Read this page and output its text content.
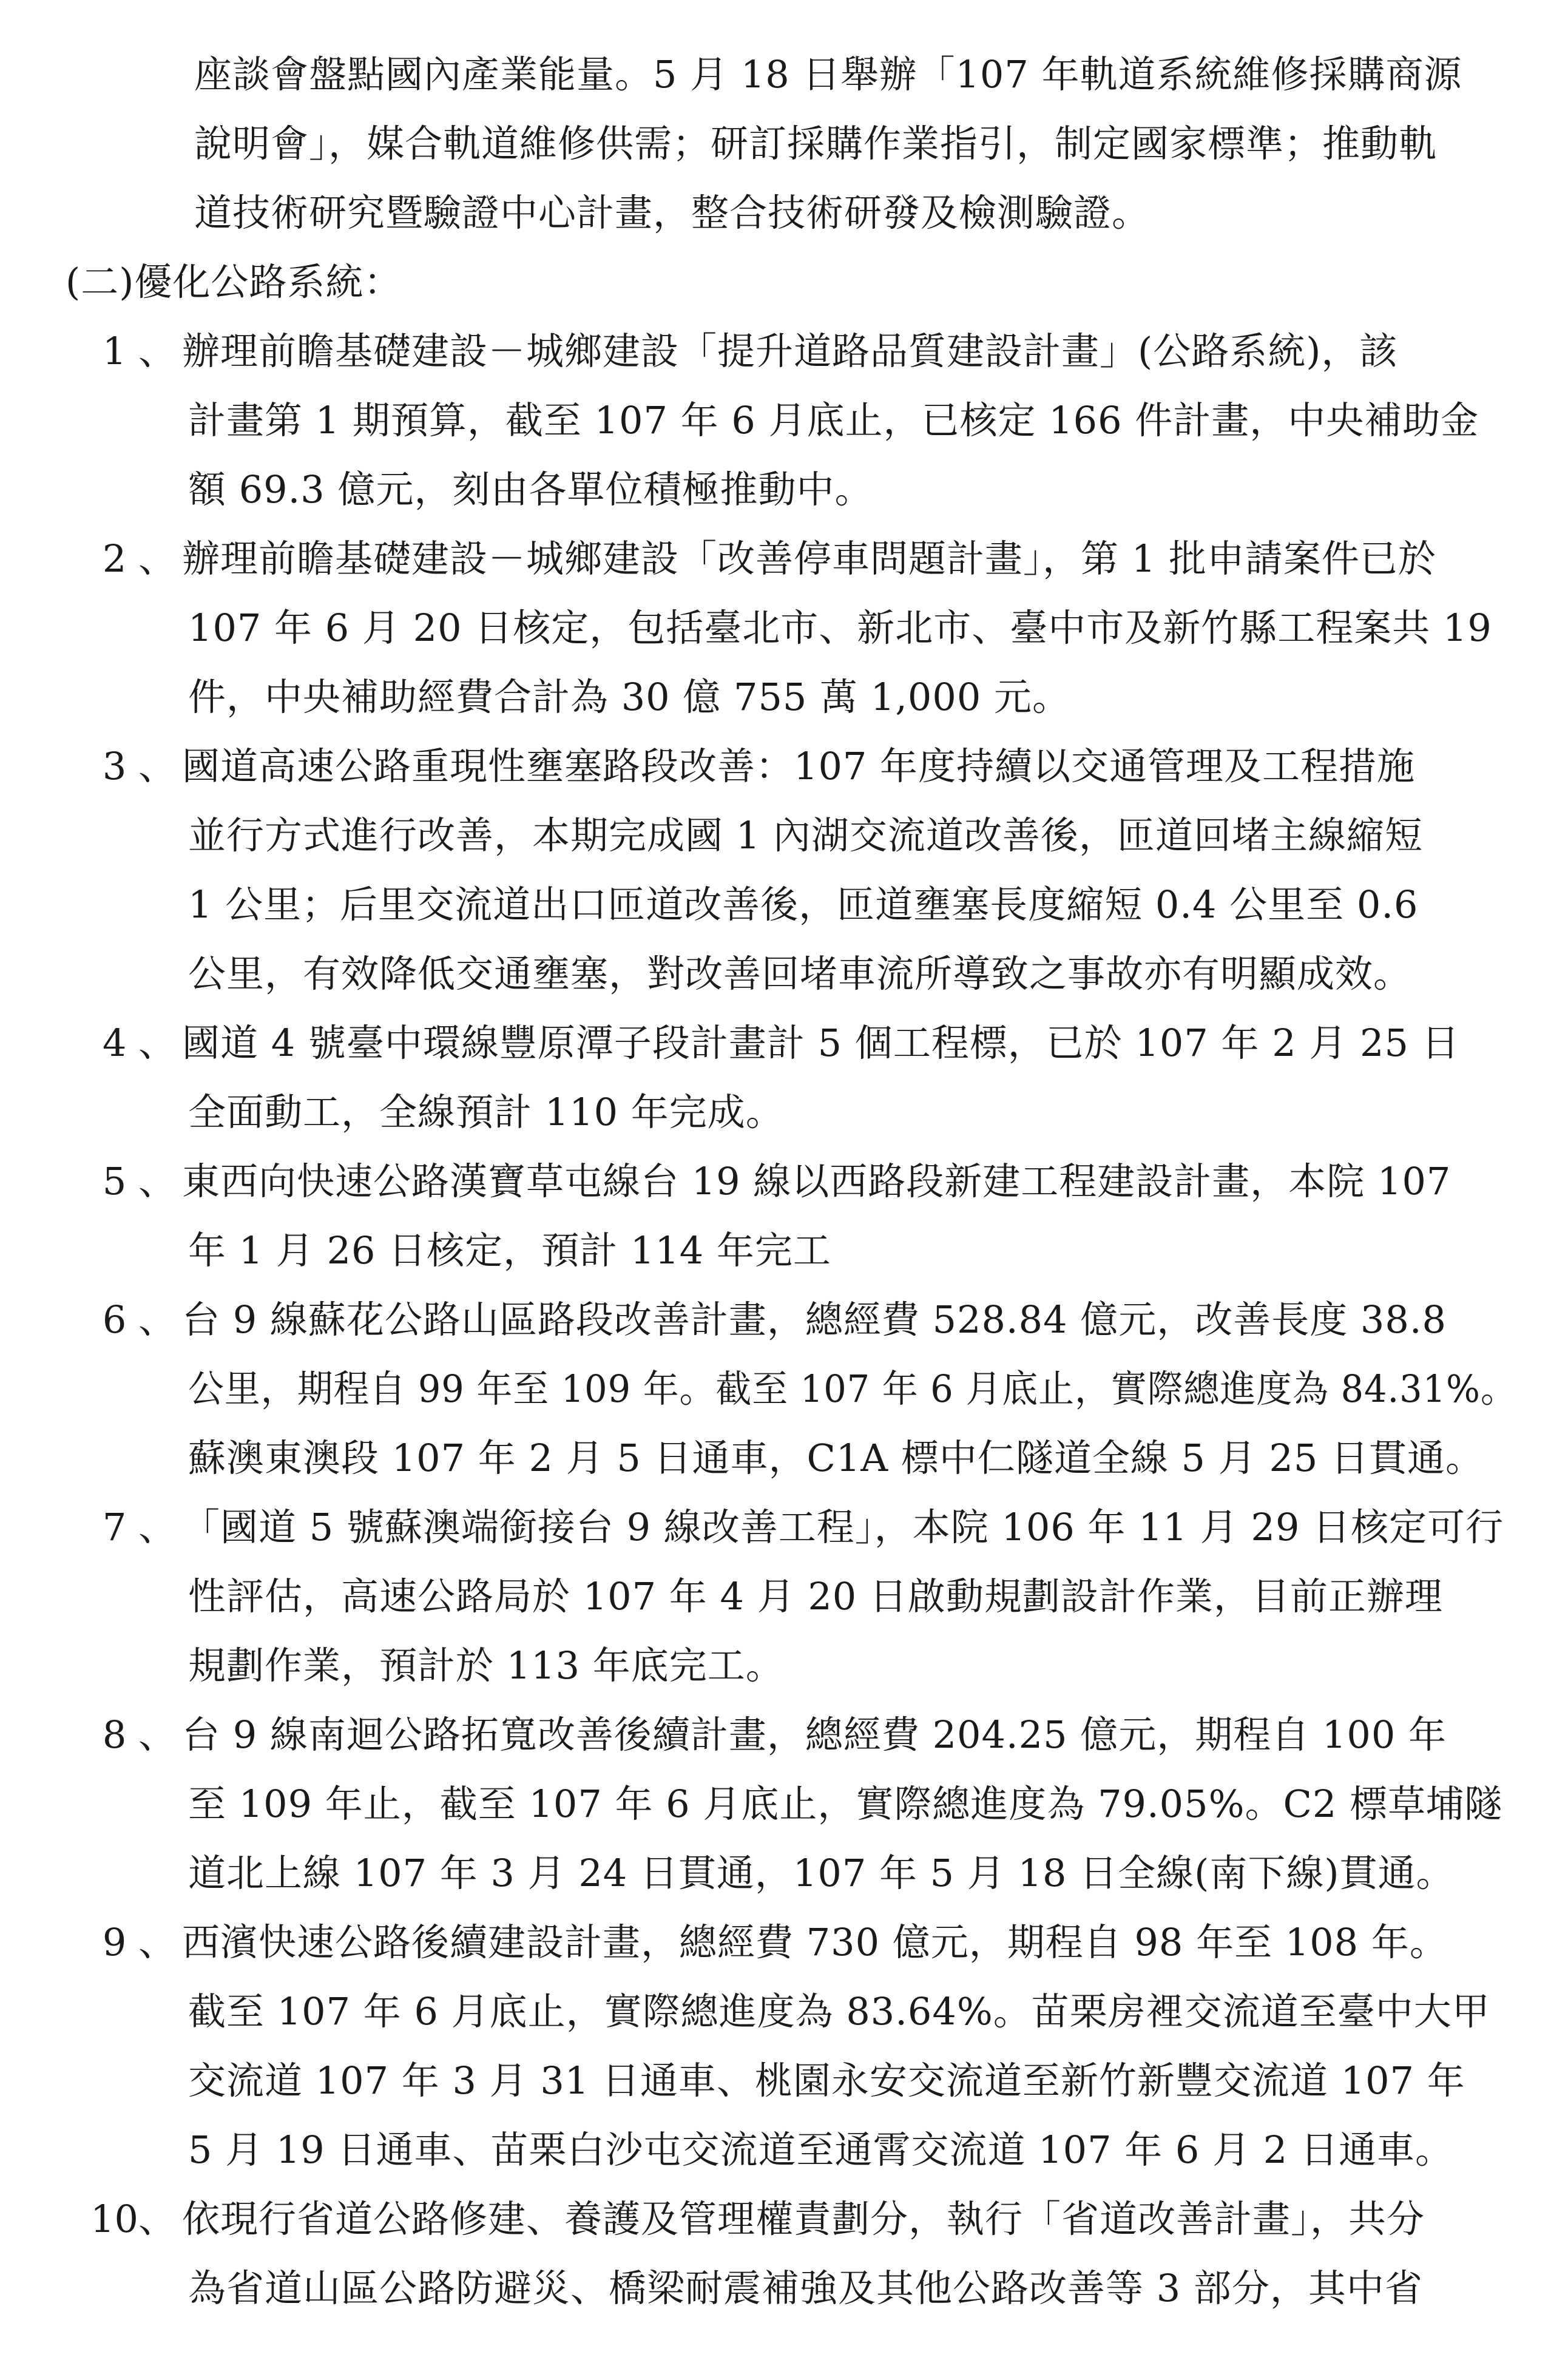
座談會盤點國內產業能量。5 月 18 日舉辦「107 年軌道系統維修採購商源
說明會」，媒合軌道維修供需；研訂採購作業指引，制定國家標準；推動軌
道技術研究暨驗證中心計畫，整合技術研發及檢測驗證。
(二)優化公路系統：
1 、 辦理前瞻基礎建設－城鄉建設「提升道路品質建設計畫」(公路系統)，該
計畫第 1 期預算，截至 107 年 6 月底止，已核定 166 件計畫，中央補助金
額 69.3 億元，刻由各單位積極推動中。
2 、 辦理前瞻基礎建設－城鄉建設「改善停車問題計畫」，第 1 批申請案件已於
107 年 6 月 20 日核定，包括臺北市、新北市、臺中市及新竹縣工程案共 19
件，中央補助經費合計為 30 億 755 萬 1,000 元。
3 、 國道高速公路重現性壅塞路段改善：107 年度持續以交通管理及工程措施
並行方式進行改善，本期完成國 1 內湖交流道改善後，匝道回堵主線縮短
1 公里；后里交流道出口匝道改善後，匝道壅塞長度縮短 0.4 公里至 0.6
公里，有效降低交通壅塞，對改善回堵車流所導致之事故亦有明顯成效。
4 、 國道 4 號臺中環線豐原潭子段計畫計 5 個工程標，已於 107 年 2 月 25 日
全面動工，全線預計 110 年完成。
5 、 東西向快速公路漢寶草屯線台 19 線以西路段新建工程建設計畫，本院 107
年 1 月 26 日核定，預計 114 年完工
6 、 台 9 線蘇花公路山區路段改善計畫，總經費 528.84 億元，改善長度 38.8
公里，期程自 99 年至 109 年。截至 107 年 6 月底止，實際總進度為 84.31%。
蘇澳東澳段 107 年 2 月 5 日通車，C1A 標中仁隧道全線 5 月 25 日貫通。
7 、 「國道 5 號蘇澳端銜接台 9 線改善工程」，本院 106 年 11 月 29 日核定可行
性評估，高速公路局於 107 年 4 月 20 日啟動規劃設計作業，目前正辦理
規劃作業，預計於 113 年底完工。
8 、 台 9 線南迴公路拓寬改善後續計畫，總經費 204.25 億元，期程自 100 年
至 109 年止，截至 107 年 6 月底止，實際總進度為 79.05%。C2 標草埔隧
道北上線 107 年 3 月 24 日貫通，107 年 5 月 18 日全線(南下線)貫通。
9 、 西濱快速公路後續建設計畫，總經費 730 億元，期程自 98 年至 108 年。
截至 107 年 6 月底止，實際總進度為 83.64%。苗栗房裡交流道至臺中大甲
交流道 107 年 3 月 31 日通車、桃園永安交流道至新竹新豐交流道 107 年
5 月 19 日通車、苗栗白沙屯交流道至通霄交流道 107 年 6 月 2 日通車。
10、 依現行省道公路修建、養護及管理權責劃分，執行「省道改善計畫」，共分
為省道山區公路防避災、橋梁耐震補強及其他公路改善等 3 部分，其中省
